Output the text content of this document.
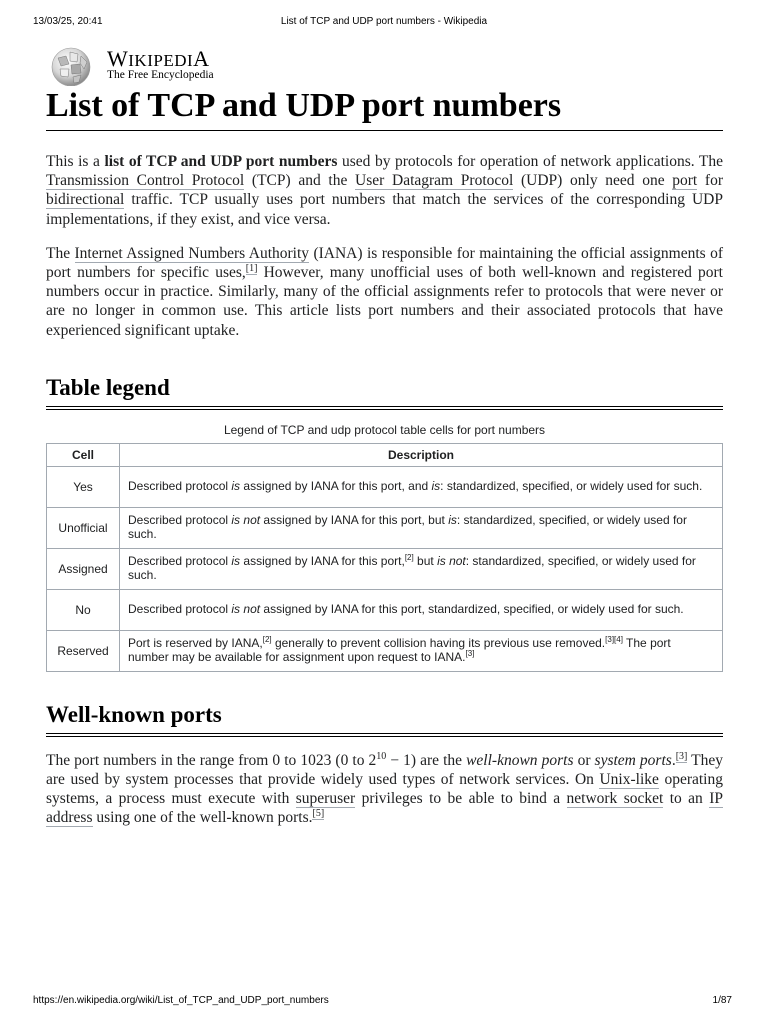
13/03/25, 20:41	List of TCP and UDP port numbers - Wikipedia
WIKIPEDIA
The Free Encyclopedia
List of TCP and UDP port numbers

This is a list of TCP and UDP port numbers used by protocols for operation of network applications. The Transmission Control Protocol (TCP) and the User Datagram Protocol (UDP) only need one port for bidirectional traffic. TCP usually uses port numbers that match the services of the corresponding UDP implementations, if they exist, and vice versa.

The Internet Assigned Numbers Authority (IANA) is responsible for maintaining the official assignments of port numbers for specific uses,[1] However, many unofficial uses of both well-known and registered port numbers occur in practice. Similarly, many of the official assignments refer to protocols that were never or are no longer in common use. This article lists port numbers and their associated protocols that have experienced significant uptake.

Table legend
Legend of TCP and udp protocol table cells for port numbers
Cell	Description
Yes	Described protocol is assigned by IANA for this port, and is: standardized, specified, or widely used for such.
Unofficial	Described protocol is not assigned by IANA for this port, but is: standardized, specified, or widely used for such.
Assigned	Described protocol is assigned by IANA for this port,[2] but is not: standardized, specified, or widely used for such.
No	Described protocol is not assigned by IANA for this port, standardized, specified, or widely used for such.
Reserved	Port is reserved by IANA,[2] generally to prevent collision having its previous use removed.[3][4] The port number may be available for assignment upon request to IANA.[3]
Well-known ports

The port numbers in the range from 0 to 1023 (0 to $2^{10} - 1$) are the well-known ports or system ports.[3] They are used by system processes that provide widely used types of network services. On Unix-like operating systems, a process must execute with superuser privileges to be able to bind a network socket to an IP address using one of the well-known ports.[5]

https://en.wikipedia.org/wiki/List_of_TCP_and_UDP_port_numbers	1/87
